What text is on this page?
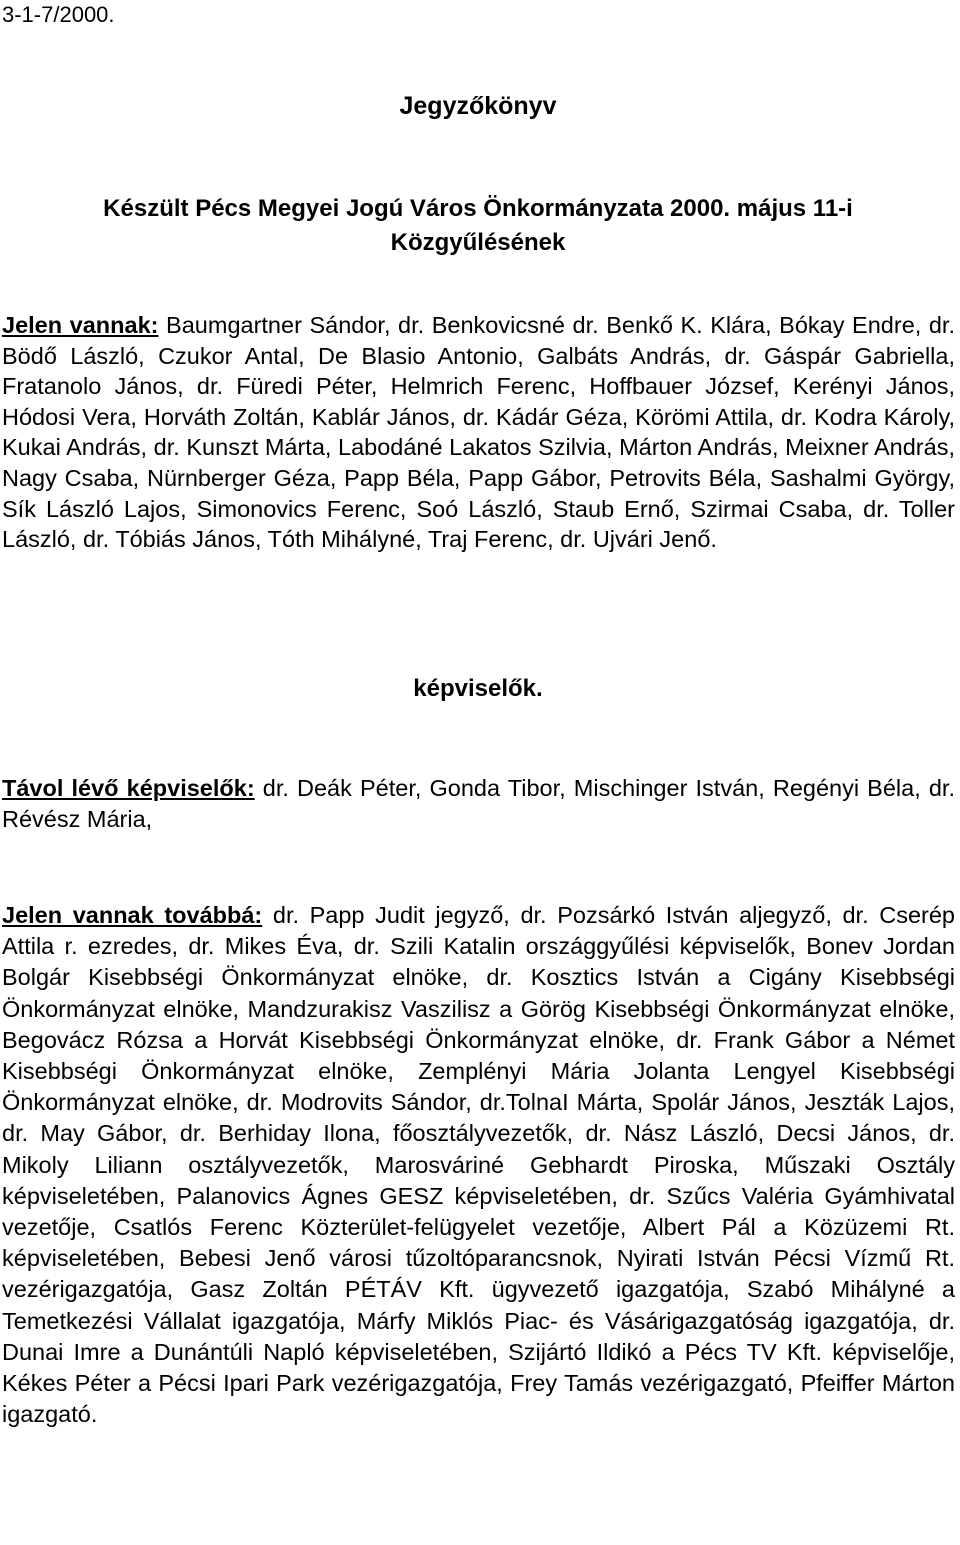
3-1-7/2000.
Jegyzőkönyv
Készült Pécs Megyei Jogú Város Önkormányzata 2000. május 11-i
Közgyűlésének

Jelen vannak: Baumgartner Sándor, dr. Benkovicsné dr. Benkő K. Klára, Bókay Endre, dr. Bödő László, Czukor Antal, De Blasio Antonio, Galbáts András, dr. Gáspár Gabriella, Fratanolo János, dr. Füredi Péter, Helmrich Ferenc, Hoffbauer József, Kerényi János, Hódosi Vera, Horváth Zoltán, Kablár János, dr. Kádár Géza, Körömi Attila, dr. Kodra Károly, Kukai András, dr. Kunszt Márta, Labodáné Lakatos Szilvia, Márton András, Meixner András, Nagy Csaba, Nürnberger Géza, Papp Béla, Papp Gábor, Petrovits Béla, Sashalmi György, Sík László Lajos, Simonovics Ferenc, Soó László, Staub Ernő, Szirmai Csaba, dr. Toller László, dr. Tóbiás János, Tóth Mihályné, Traj Ferenc, dr. Ujvári Jenő.

képviselők.

Távol lévő képviselők: dr. Deák Péter, Gonda Tibor, Mischinger István, Regényi Béla, dr. Révész Mária,

Jelen vannak továbbá: dr. Papp Judit jegyző, dr. Pozsárkó István aljegyző, dr. Cserép Attila r. ezredes, dr. Mikes Éva, dr. Szili Katalin országgyűlési képviselők, Bonev Jordan Bolgár Kisebbségi Önkormányzat elnöke, dr. Kosztics István a Cigány Kisebbségi Önkormányzat elnöke, Mandzurakisz Vaszilisz a Görög Kisebbségi Önkormányzat elnöke, Begovácz Rózsa a Horvát Kisebbségi Önkormányzat elnöke, dr. Frank Gábor a Német Kisebbségi Önkormányzat elnöke, Zemplényi Mária Jolanta Lengyel Kisebbségi Önkormányzat elnöke, dr. Modrovits Sándor, dr.TolnaI Márta, Spolár János, Jeszták Lajos, dr. May Gábor, dr. Berhiday Ilona, főosztályvezetők, dr. Nász László, Decsi János, dr. Mikoly Liliann osztályvezetők, Marosváriné Gebhardt Piroska, Műszaki Osztály képviseletében, Palanovics Ágnes GESZ képviseletében, dr. Szűcs Valéria Gyámhivatal vezetője, Csatlós Ferenc Közterület-felügyelet vezetője, Albert Pál a Közüzemi Rt. képviseletében, Bebesi Jenő városi tűzoltóparancsnok, Nyirati István Pécsi Vízmű Rt. vezérigazgatója, Gasz Zoltán PÉTÁV Kft. ügyvezető igazgatója, Szabó Mihályné a Temetkezési Vállalat igazgatója, Márfy Miklós Piac- és Vásárigazgatóság igazgatója, dr. Dunai Imre a Dunántúli Napló képviseletében, Szijártó Ildikó a Pécs TV Kft. képviselője, Kékes Péter a Pécsi Ipari Park vezérigazgatója, Frey Tamás vezérigazgató, Pfeiffer Márton igazgató.
